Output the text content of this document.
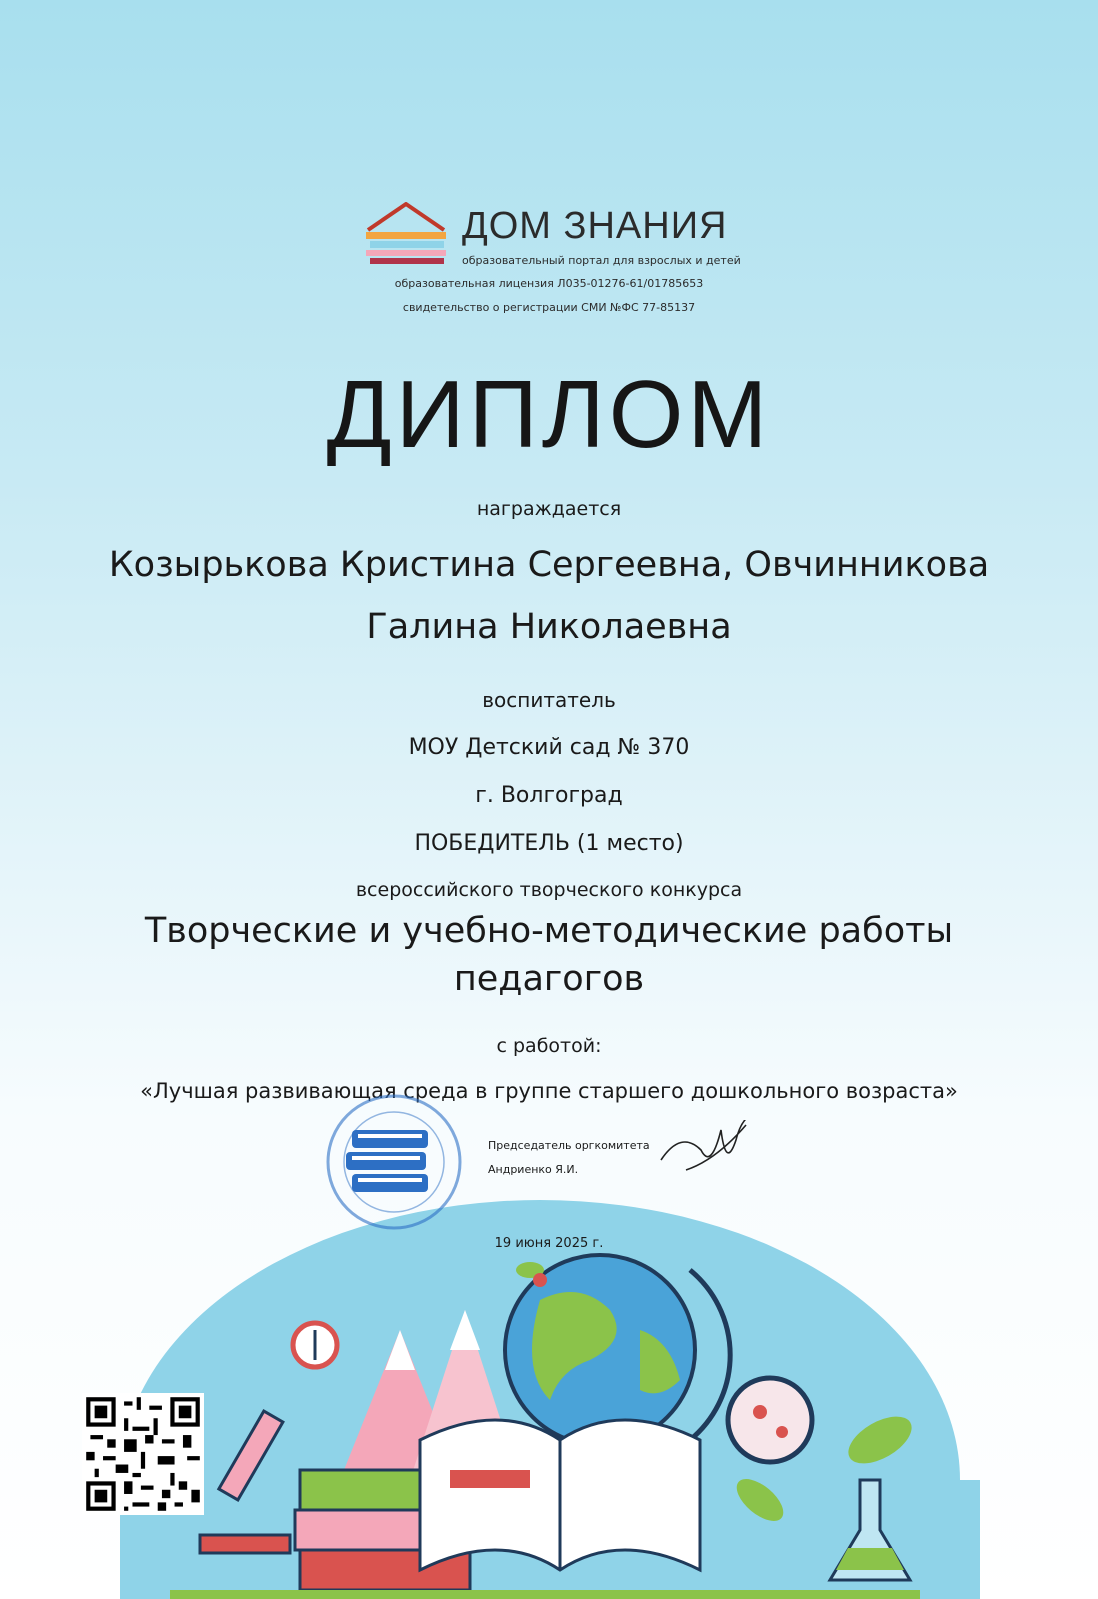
ДОМ ЗНАНИЯ
образовательный портал для взрослых и детей
образовательная лицензия Л035-01276-61/01785653
свидетельство о регистрации СМИ №ФС 77-85137
ДИПЛОМ
награждается
Козырькова Кристина Сергеевна, Овчинникова Галина Николаевна
воспитатель
МОУ Детский сад № 370
г. Волгоград
ПОБЕДИТЕЛЬ (1 место)
всероссийского творческого конкурса
Творческие и учебно-методические работы педагогов
с работой:
«Лучшая развивающая среда в группе старшего дошкольного возраста»
Председатель оргкомитета
Андриенко Я.И.
19 июня 2025 г.
